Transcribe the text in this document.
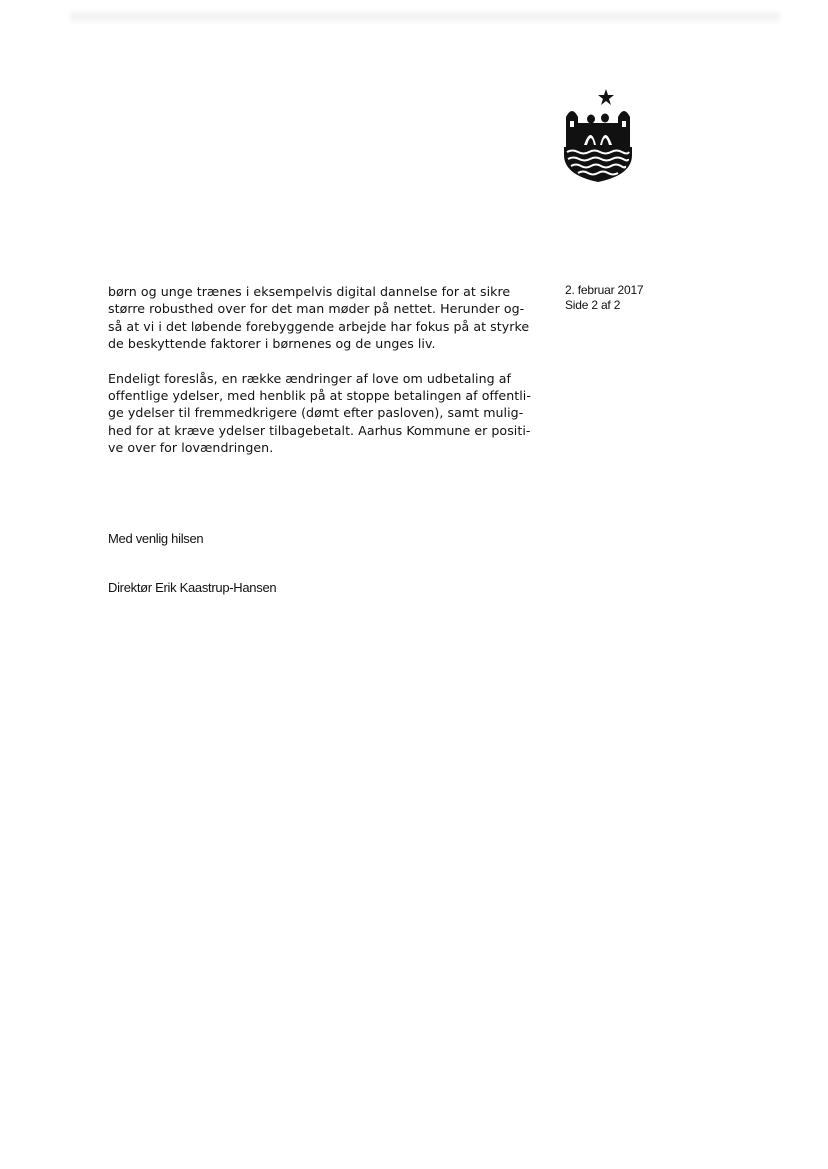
børn og unge trænes i eksempelvis digital dannelse for at sikre
større robusthed over for det man møder på nettet. Herunder og-
så at vi i det løbende forebyggende arbejde har fokus på at styrke
de beskyttende faktorer i børnenes og de unges liv.
Endeligt foreslås, en række ændringer af love om udbetaling af
offentlige ydelser, med henblik på at stoppe betalingen af offentli-
ge ydelser til fremmedkrigere (dømt efter pasloven), samt mulig-
hed for at kræve ydelser tilbagebetalt. Aarhus Kommune er positi-
ve over for lovændringen.
2. februar 2017
Side 2 af 2
Med venlig hilsen
Direktør Erik Kaastrup-Hansen
